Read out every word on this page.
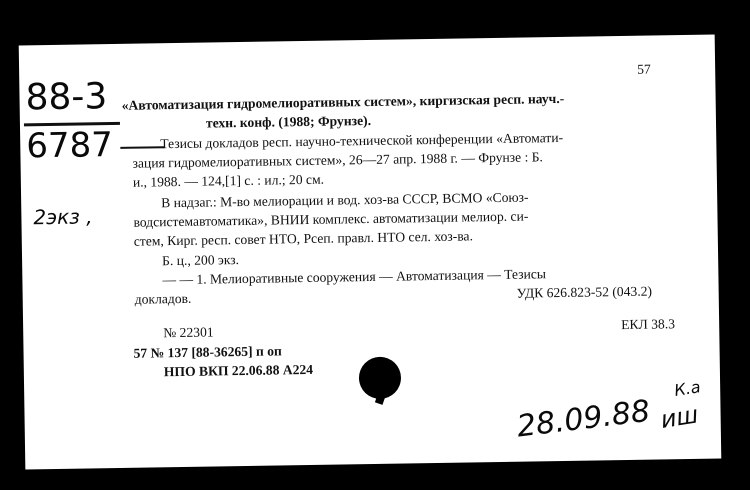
57
88-3
6787
2экз ,
«Автоматизация гидромелиоративных систем», киргизская респ. науч.-
техн. конф. (1988; Фрунзе).
Тезисы докладов респ. научно-технической конференции «Автомати-
зация гидромелиоративных систем», 26—27 апр. 1988 г. — Фрунзе : Б.
и., 1988. — 124,[1] с. : ил.; 20 см.
В надзаг.: М-во мелиорации и вод. хоз-ва СССР, ВСМО «Союз-
водсистемавтоматика», ВНИИ комплекс. автоматизации мелиор. си-
стем, Кирг. респ. совет НТО, Рсеп. правл. НТО сел. хоз-ва.
Б. ц., 200 экз.
— — 1. Мелиоративные сооружения — Автоматизация — Тезисы
докладов.	УДК 626.823-52 (043.2)
ЕКЛ 38.3
№ 22301
57 № 137 [88-36265] п оп
НПО ВКП 22.06.88 А224
28.09.88 иш
К.а
